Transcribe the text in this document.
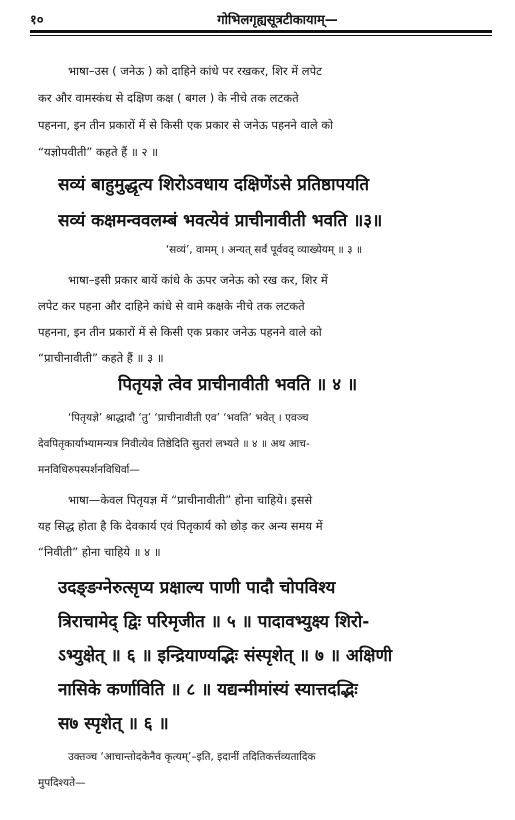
१०	गोभिलगृह्यसूत्रटीकायाम्—
भाषा–उस ( जनेऊ ) को दाहिने कांधे पर रखकर, शिर में लपेट
कर और वामस्कंध से दक्षिण कक्ष ( बगल ) के नीचे तक लटकते
पहनना, इन तीन प्रकारों में से किसी एक प्रकार से जनेऊ पहनने वाले को
“यज्ञोपवीती” कहते हैं ॥ २ ॥
सव्यं बाहुमुद्धृत्य शिरोऽवधाय दक्षिणेंऽसे प्रतिष्ठापयति
सव्यं कक्षमन्ववलम्बं भवत्येवं प्राचीनावीती भवति ॥३॥
‘सव्यं’, वामम् । अन्यत् सर्वं पूर्ववद् व्याख्येयम् ॥ ३ ॥
भाषा–इसी प्रकार बायें कांधे के ऊपर जनेऊ को रख कर, शिर में
लपेट कर पहना और दाहिने कांधे से वामे कक्षके नीचे तक लटकते
पहनना, इन तीन प्रकारों में से किसी एक प्रकार जनेऊ पहनने वाले को
“प्राचीनावीती” कहते हैं ॥ ३ ॥
पितृयज्ञे त्वेव प्राचीनावीती भवति ॥ ४ ॥
‘पितृयज्ञे’ श्राद्धादौ ‘तु’ ‘प्राचीनावीती एव’ ‘भवति’ भवेत् । एवञ्च
देवपितृकार्याभ्यामन्यत्र निवीत्येव तिष्ठेदिति सुतरां लभ्यते ॥ ४ ॥ अथ आच-
मनविधिरुपस्पर्शनविधिर्वा—
भाषा—केवल पितृयज्ञ में “प्राचीनावीती” होना चाहिये। इससे
यह सिद्ध होता है कि देवकार्य एवं पितृकार्य को छोड़ कर अन्य समय में
“निवीती” होना चाहिये ॥ ४ ॥
उदङ्ङग्नेरुत्सृप्य प्रक्षाल्य पाणी पादौ चोपविश्य
त्रिराचामेद् द्विः परिमृजीत ॥ ५ ॥ पादावभ्युक्ष्य शिरो-
ऽभ्युक्षेत् ॥ ६ ॥ इन्द्रियाण्यद्भिः संस्पृशेत् ॥ ७ ॥ अक्षिणी
नासिके कर्णाविति ॥ ८ ॥ यद्यन्मीमांस्यं स्यात्तदद्भिः
स७ स्पृशेत् ॥ ६ ॥
उक्तञ्च ‘आचान्तोदकेनैव कृत्यम्’–इति, इदानीं तदितिकर्त्तव्यतादिक
मुपदिश्यते—
